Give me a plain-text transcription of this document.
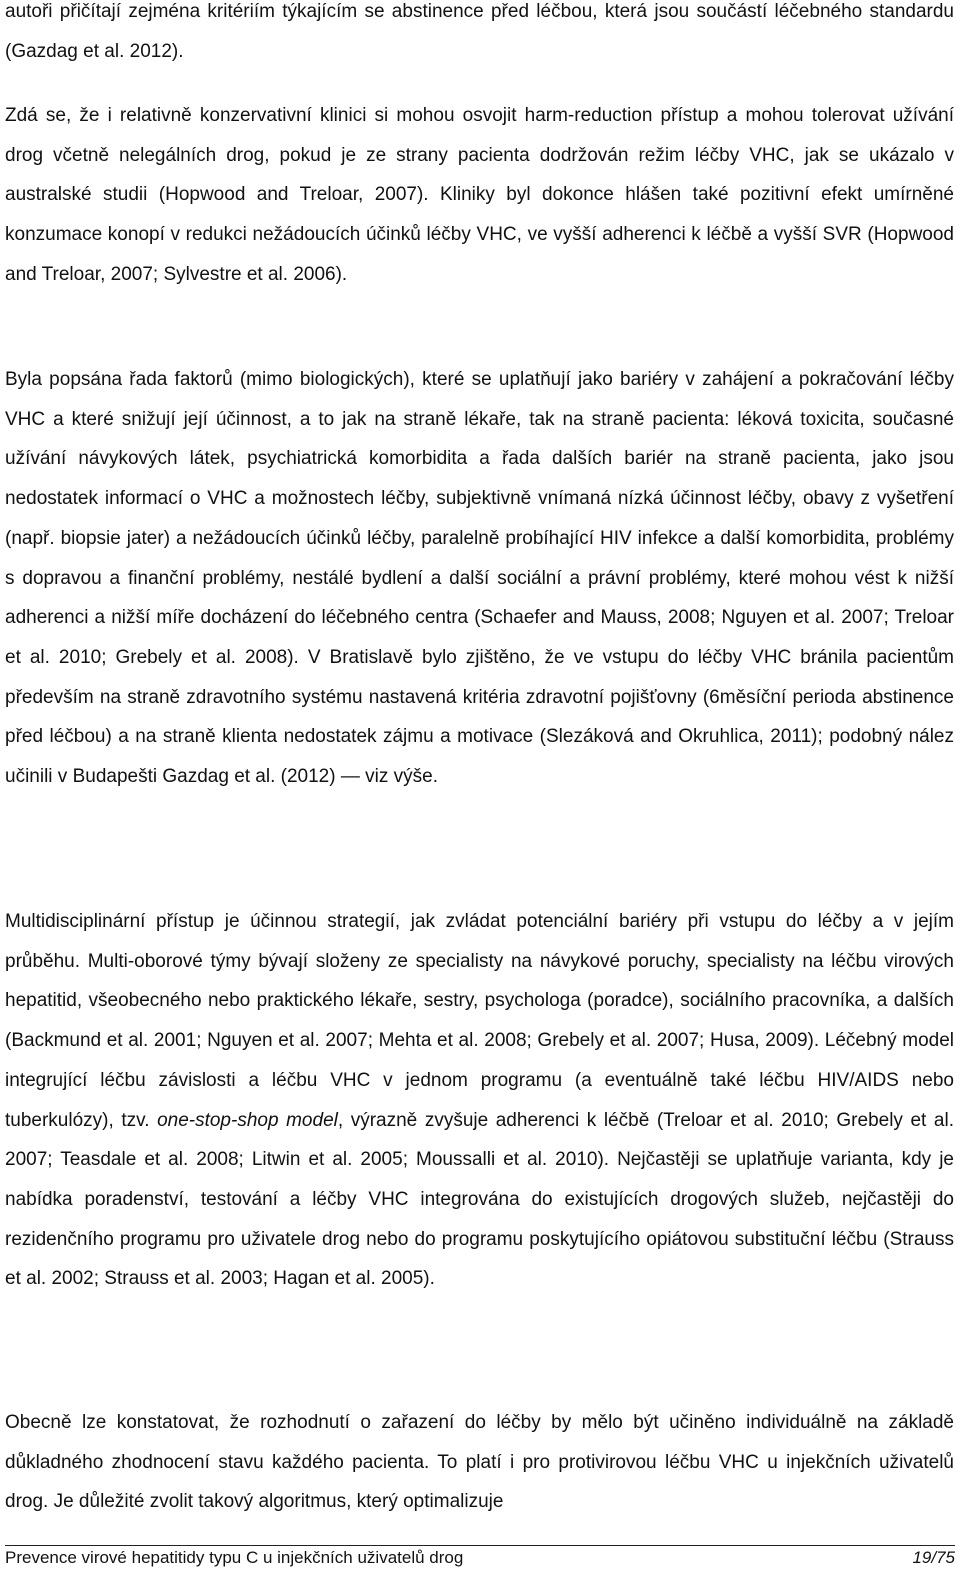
autoři přičítají zejména kritériím týkajícím se abstinence před léčbou, která jsou součástí léčebného standardu (Gazdag et al. 2012).

Zdá se, že i relativně konzervativní klinici si mohou osvojit harm-reduction přístup a mohou tolerovat užívání drog včetně nelegálních drog, pokud je ze strany pacienta dodržován režim léčby VHC, jak se ukázalo v australské studii (Hopwood and Treloar, 2007). Kliniky byl dokonce hlášen také pozitivní efekt umírněné konzumace konopí v redukci nežádoucích účinků léčby VHC, ve vyšší adherenci k léčbě a vyšší SVR (Hopwood and Treloar, 2007; Sylvestre et al. 2006).

Byla popsána řada faktorů (mimo biologických), které se uplatňují jako bariéry v zahájení a pokračování léčby VHC a které snižují její účinnost, a to jak na straně lékaře, tak na straně pacienta: léková toxicita, současné užívání návykových látek, psychiatrická komorbidita a řada dalších bariér na straně pacienta, jako jsou nedostatek informací o VHC a možnostech léčby, subjektivně vnímaná nízká účinnost léčby, obavy z vyšetření (např. biopsie jater) a nežádoucích účinků léčby, paralelně probíhající HIV infekce a další komorbidita, problémy s dopravou a finanční problémy, nestálé bydlení a další sociální a právní problémy, které mohou vést k nižší adherenci a nižší míře docházení do léčebného centra (Schaefer and Mauss, 2008; Nguyen et al. 2007; Treloar et al. 2010; Grebely et al. 2008). V Bratislavě bylo zjištěno, že ve vstupu do léčby VHC bránila pacientům především na straně zdravotního systému nastavená kritéria zdravotní pojišťovny (6měsíční perioda abstinence před léčbou) a na straně klienta nedostatek zájmu a motivace (Slezáková and Okruhlica, 2011); podobný nález učinili v Budapešti Gazdag et al. (2012) — viz výše.

Multidisciplinární přístup je účinnou strategií, jak zvládat potenciální bariéry při vstupu do léčby a v jejím průběhu. Multi-oborové týmy bývají složeny ze specialisty na návykové poruchy, specialisty na léčbu virových hepatitid, všeobecného nebo praktického lékaře, sestry, psychologa (poradce), sociálního pracovníka, a dalších (Backmund et al. 2001; Nguyen et al. 2007; Mehta et al. 2008; Grebely et al. 2007; Husa, 2009). Léčebný model integrující léčbu závislosti a léčbu VHC v jednom programu (a eventuálně také léčbu HIV/AIDS nebo tuberkulózy), tzv. one-stop-shop model, výrazně zvyšuje adherenci k léčbě (Treloar et al. 2010; Grebely et al. 2007; Teasdale et al. 2008; Litwin et al. 2005; Moussalli et al. 2010). Nejčastěji se uplatňuje varianta, kdy je nabídka poradenství, testování a léčby VHC integrována do existujících drogových služeb, nejčastěji do rezidenčního programu pro uživatele drog nebo do programu poskytujícího opiátovou substituční léčbu (Strauss et al. 2002; Strauss et al. 2003; Hagan et al. 2005).

Obecně lze konstatovat, že rozhodnutí o zařazení do léčby by mělo být učiněno individuálně na základě důkladného zhodnocení stavu každého pacienta. To platí i pro protivirovou léčbu VHC u injekčních uživatelů drog. Je důležité zvolit takový algoritmus, který optimalizuje

Prevence virové hepatitidy typu C u injekčních uživatelů drog	19/75
